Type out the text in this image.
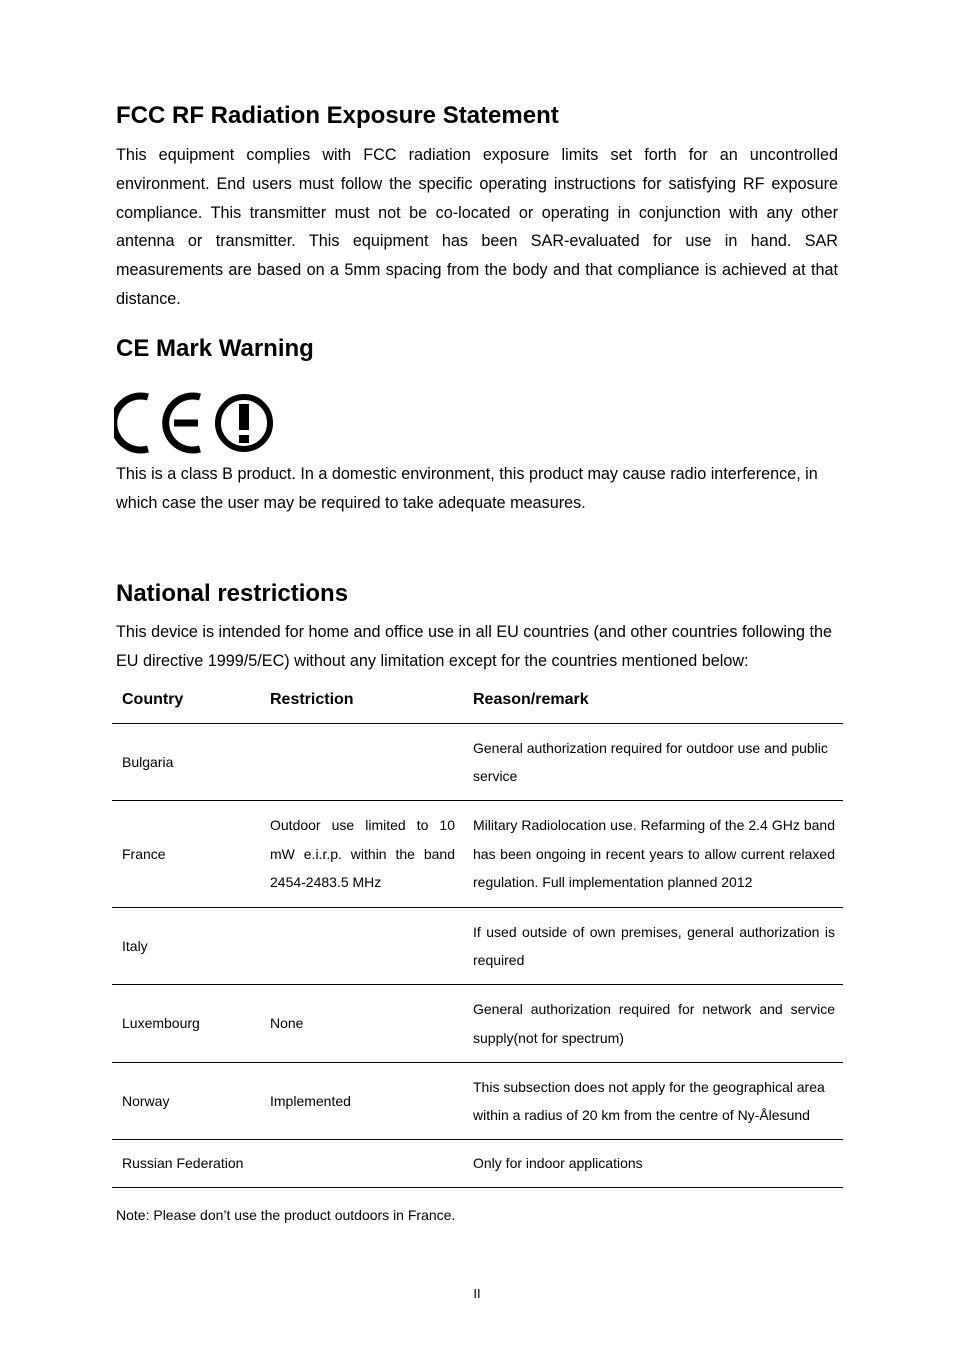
FCC RF Radiation Exposure Statement

This equipment complies with FCC radiation exposure limits set forth for an uncontrolled environment. End users must follow the specific operating instructions for satisfying RF exposure compliance. This transmitter must not be co-located or operating in conjunction with any other antenna or transmitter. This equipment has been SAR-evaluated for use in hand. SAR measurements are based on a 5mm spacing from the body and that compliance is achieved at that distance.

CE Mark Warning

This is a class B product. In a domestic environment, this product may cause radio interference, in which case the user may be required to take adequate measures.

National restrictions

This device is intended for home and office use in all EU countries (and other countries following the EU directive 1999/5/EC) without any limitation except for the countries mentioned below:

Country	Restriction	Reason/remark
Bulgaria		General authorization required for outdoor use and public service
France	Outdoor use limited to 10 mW e.i.r.p. within the band 2454-2483.5 MHz	Military Radiolocation use. Refarming of the 2.4 GHz band has been ongoing in recent years to allow current relaxed regulation. Full implementation planned 2012
Italy		If used outside of own premises, general authorization is required
Luxembourg	None	General authorization required for network and service supply(not for spectrum)
Norway	Implemented	This subsection does not apply for the geographical area within a radius of 20 km from the centre of Ny-Ålesund
Russian Federation		Only for indoor applications

Note: Please don’t use the product outdoors in France.

II
